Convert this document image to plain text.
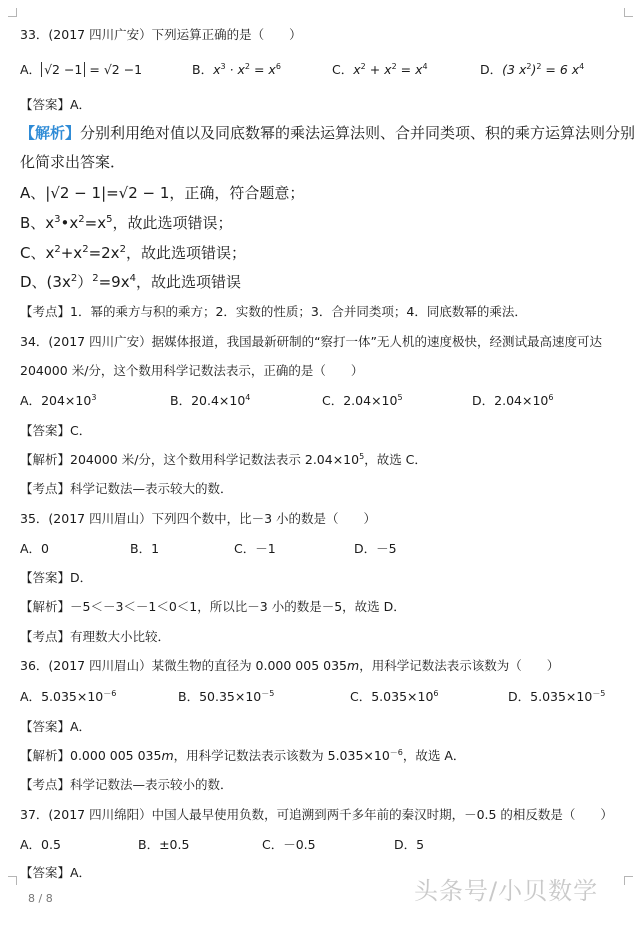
33．(2017 四川广安）下列运算正确的是（　　）
A． √2 −1 = √2 −1	B．$x^3 \cdot x^2 = x^6$	C．$x^2 + x^2 = x^4$	D．(3 $x^2)^2 = 6$ $x^4$
【答案】A．
【解析】分别利用绝对值以及同底数幂的乘法运算法则、合并同类项、积的乘方运算法则分别
化简求出答案．
A、|√2 − 1|=√2 − 1，正确，符合题意；
B、$x^3•x^2=x^5$，故此选项错误；
C、$x^2+x^2=2x^2$，故此选项错误；
D、$(3x^2)^2=9x^4$，故此选项错误
【考点】1．幂的乘方与积的乘方；2．实数的性质；3．合并同类项；4．同底数幂的乘法．
34．(2017 四川广安）据媒体报道，我国最新研制的“察打一体”无人机的速度极快，经测试最高速度可达
204000 米/分，这个数用科学记数法表示，正确的是（　　）
A．$204\times 10^3$	B．$20.4\times 10^4$	C．$2.04\times 10^5$	D．$2.04\times 10^6$
【答案】C．
【解析】204000 米/分，这个数用科学记数法表示 $2.04\times 10^5$，故选 C．
【考点】科学记数法—表示较大的数．
35．(2017 四川眉山）下列四个数中，比－3 小的数是（　　）
A．0	B．1	C．－1	D．－5
【答案】D．
【解析】－5＜－3＜－1＜0＜1，所以比－3 小的数是－5，故选 D．
【考点】有理数大小比较．
36．(2017 四川眉山）某微生物的直径为 0.000 005 035m，用科学记数法表示该数为（　　）
A．$5.035\times 10^{-6}$	B．$50.35\times 10^{-5}$	C．$5.035\times 10^6$	D．$5.035\times 10^{-5}$
【答案】A．
【解析】0.000 005 035m，用科学记数法表示该数为 $5.035\times 10^{-6}$，故选 A．
【考点】科学记数法—表示较小的数．
37．(2017 四川绵阳）中国人最早使用负数，可追溯到两千多年前的秦汉时期，－0.5 的相反数是（　　）
A．0.5	B．±0.5	C．－0.5	D．5
【答案】A．
8 / 8	头条号/小贝数学
